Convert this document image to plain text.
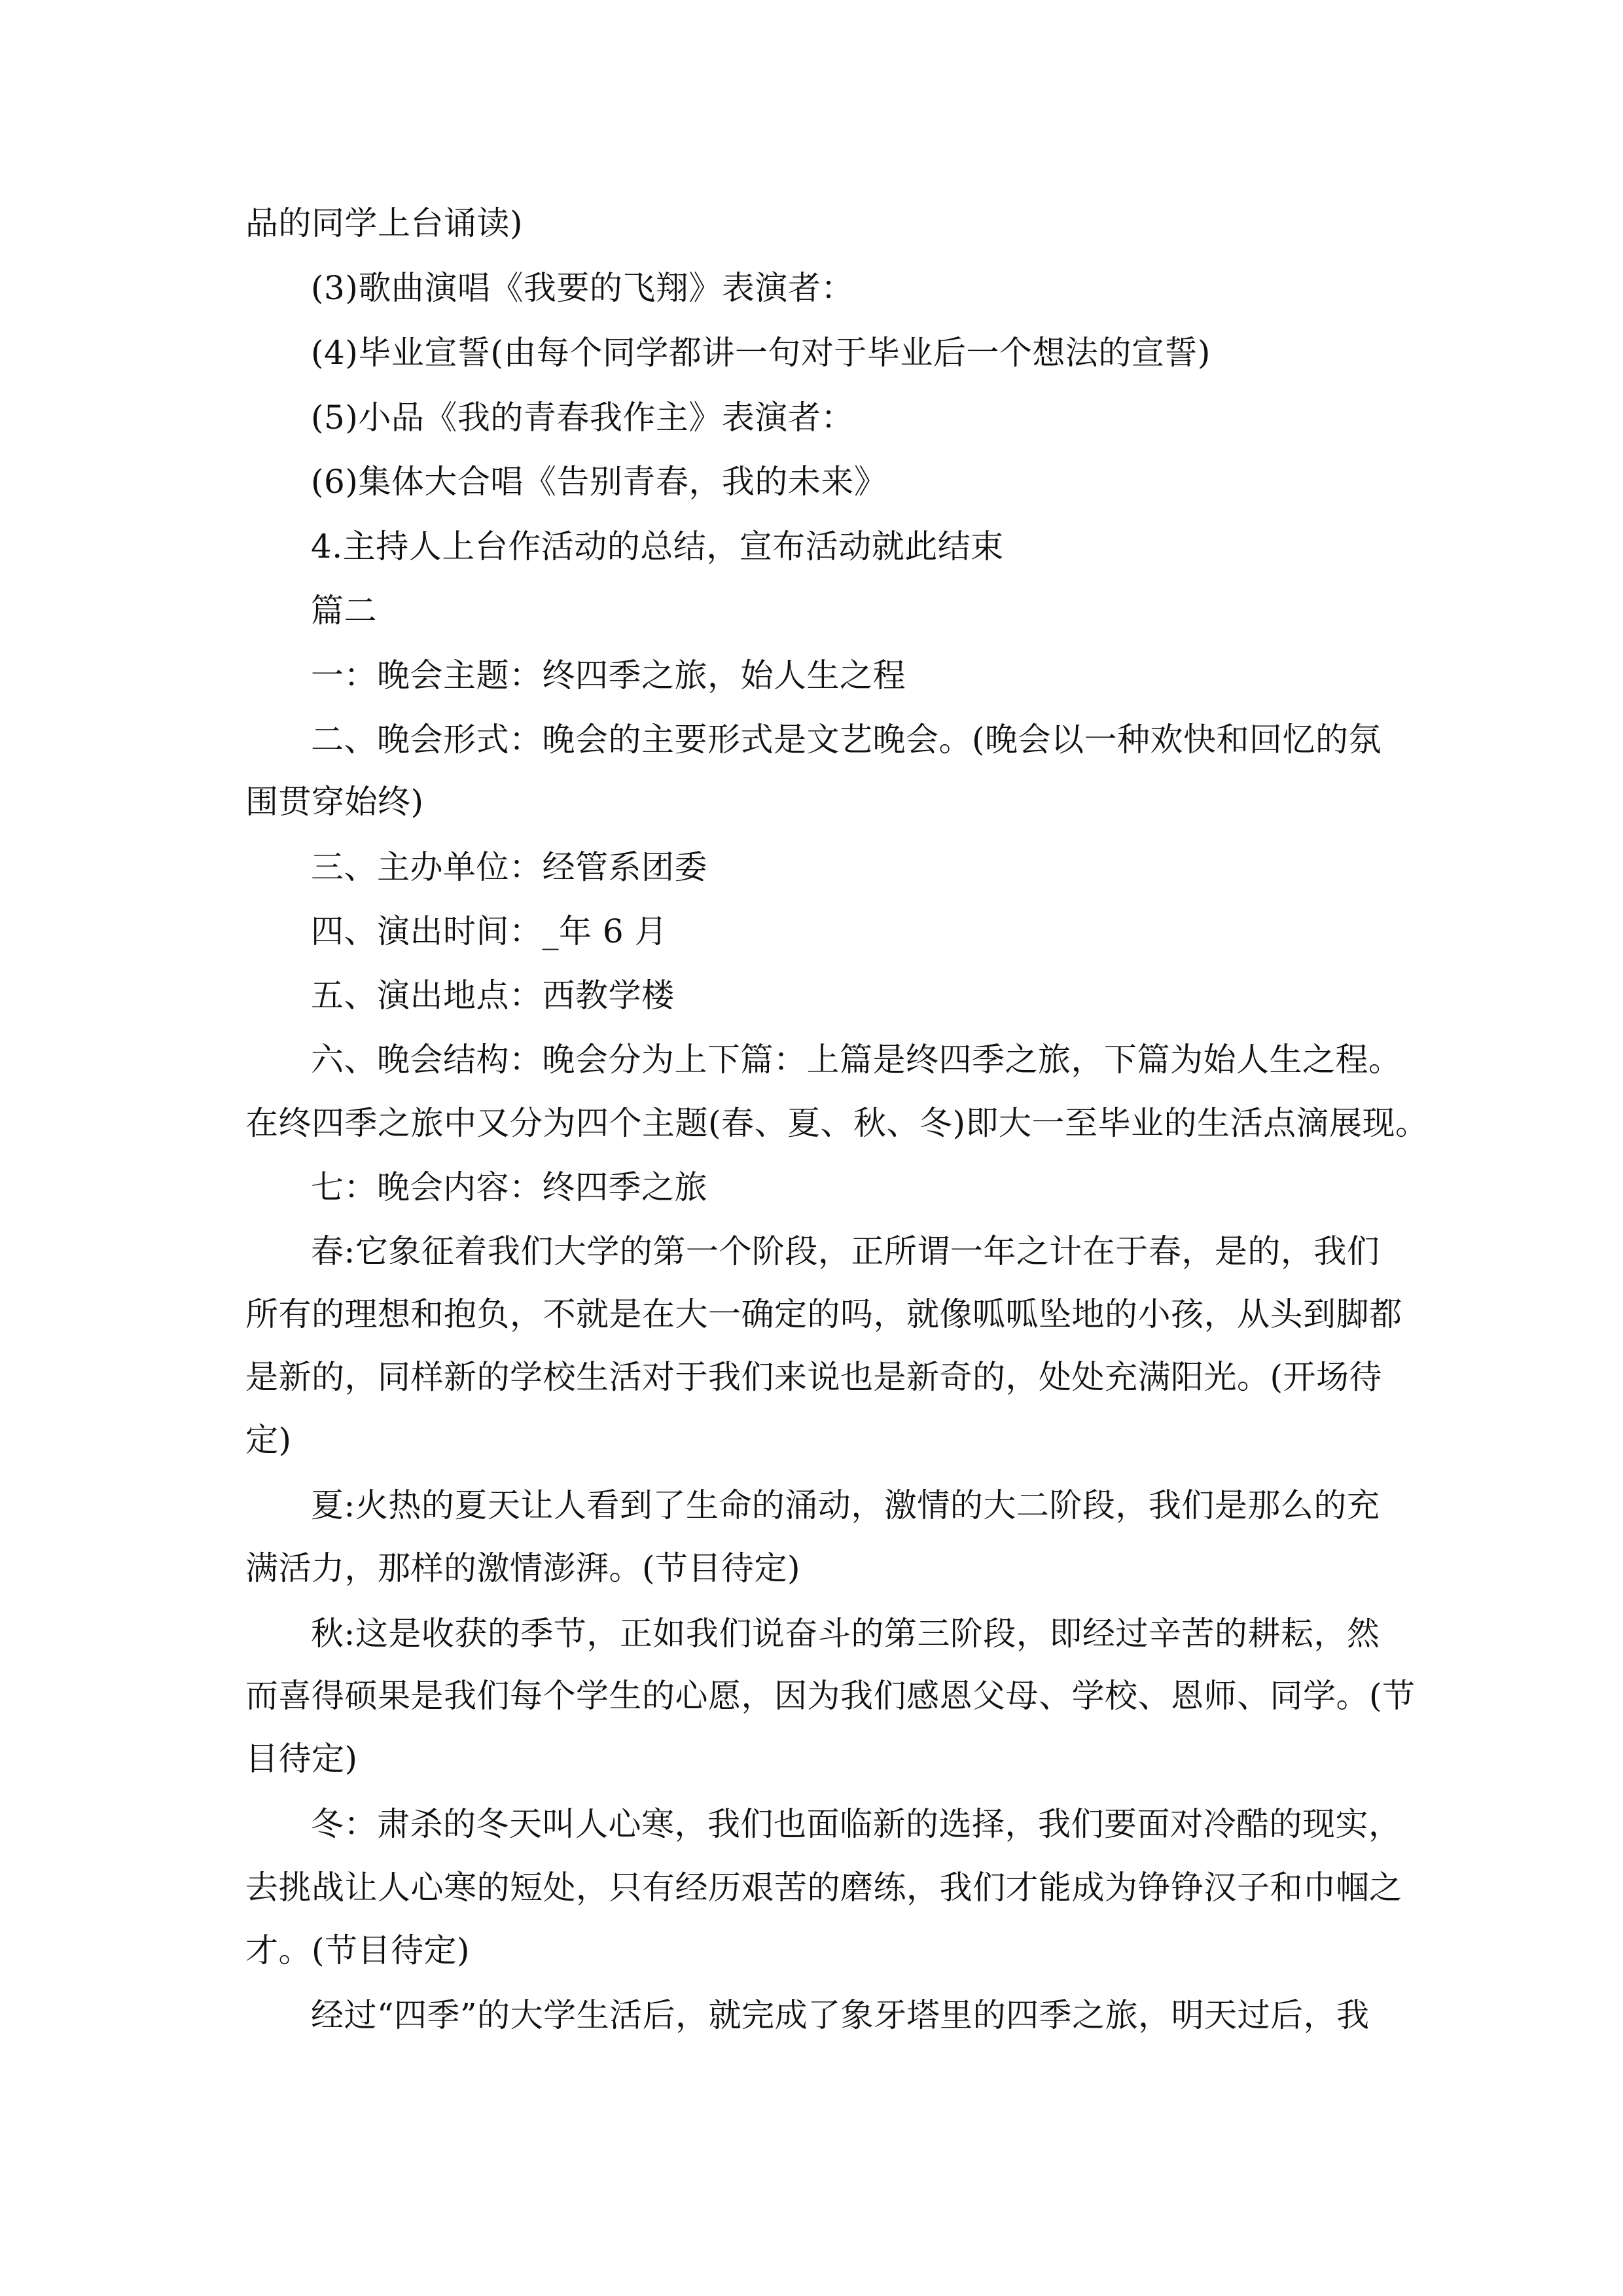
品的同学上台诵读)
(3)歌曲演唱《我要的飞翔》表演者：
(4)毕业宣誓(由每个同学都讲一句对于毕业后一个想法的宣誓)
(5)小品《我的青春我作主》表演者：
(6)集体大合唱《告别青春，我的未来》
4.主持人上台作活动的总结，宣布活动就此结束
篇二
一：晚会主题：终四季之旅，始人生之程
二、晚会形式：晚会的主要形式是文艺晚会。(晚会以一种欢快和回忆的氛
围贯穿始终)
三、主办单位：经管系团委
四、演出时间：_年 6 月
五、演出地点：西教学楼
六、晚会结构：晚会分为上下篇：上篇是终四季之旅，下篇为始人生之程。
在终四季之旅中又分为四个主题(春、夏、秋、冬)即大一至毕业的生活点滴展现。
七：晚会内容：终四季之旅
春:它象征着我们大学的第一个阶段，正所谓一年之计在于春，是的，我们
所有的理想和抱负，不就是在大一确定的吗，就像呱呱坠地的小孩，从头到脚都
是新的，同样新的学校生活对于我们来说也是新奇的，处处充满阳光。(开场待
定)
夏:火热的夏天让人看到了生命的涌动，激情的大二阶段，我们是那么的充
满活力，那样的激情澎湃。(节目待定)
秋:这是收获的季节，正如我们说奋斗的第三阶段，即经过辛苦的耕耘，然
而喜得硕果是我们每个学生的心愿，因为我们感恩父母、学校、恩师、同学。(节
目待定)
冬：肃杀的冬天叫人心寒，我们也面临新的选择，我们要面对冷酷的现实，
去挑战让人心寒的短处，只有经历艰苦的磨练，我们才能成为铮铮汉子和巾帼之
才。(节目待定)
经过“四季”的大学生活后，就完成了象牙塔里的四季之旅，明天过后，我
